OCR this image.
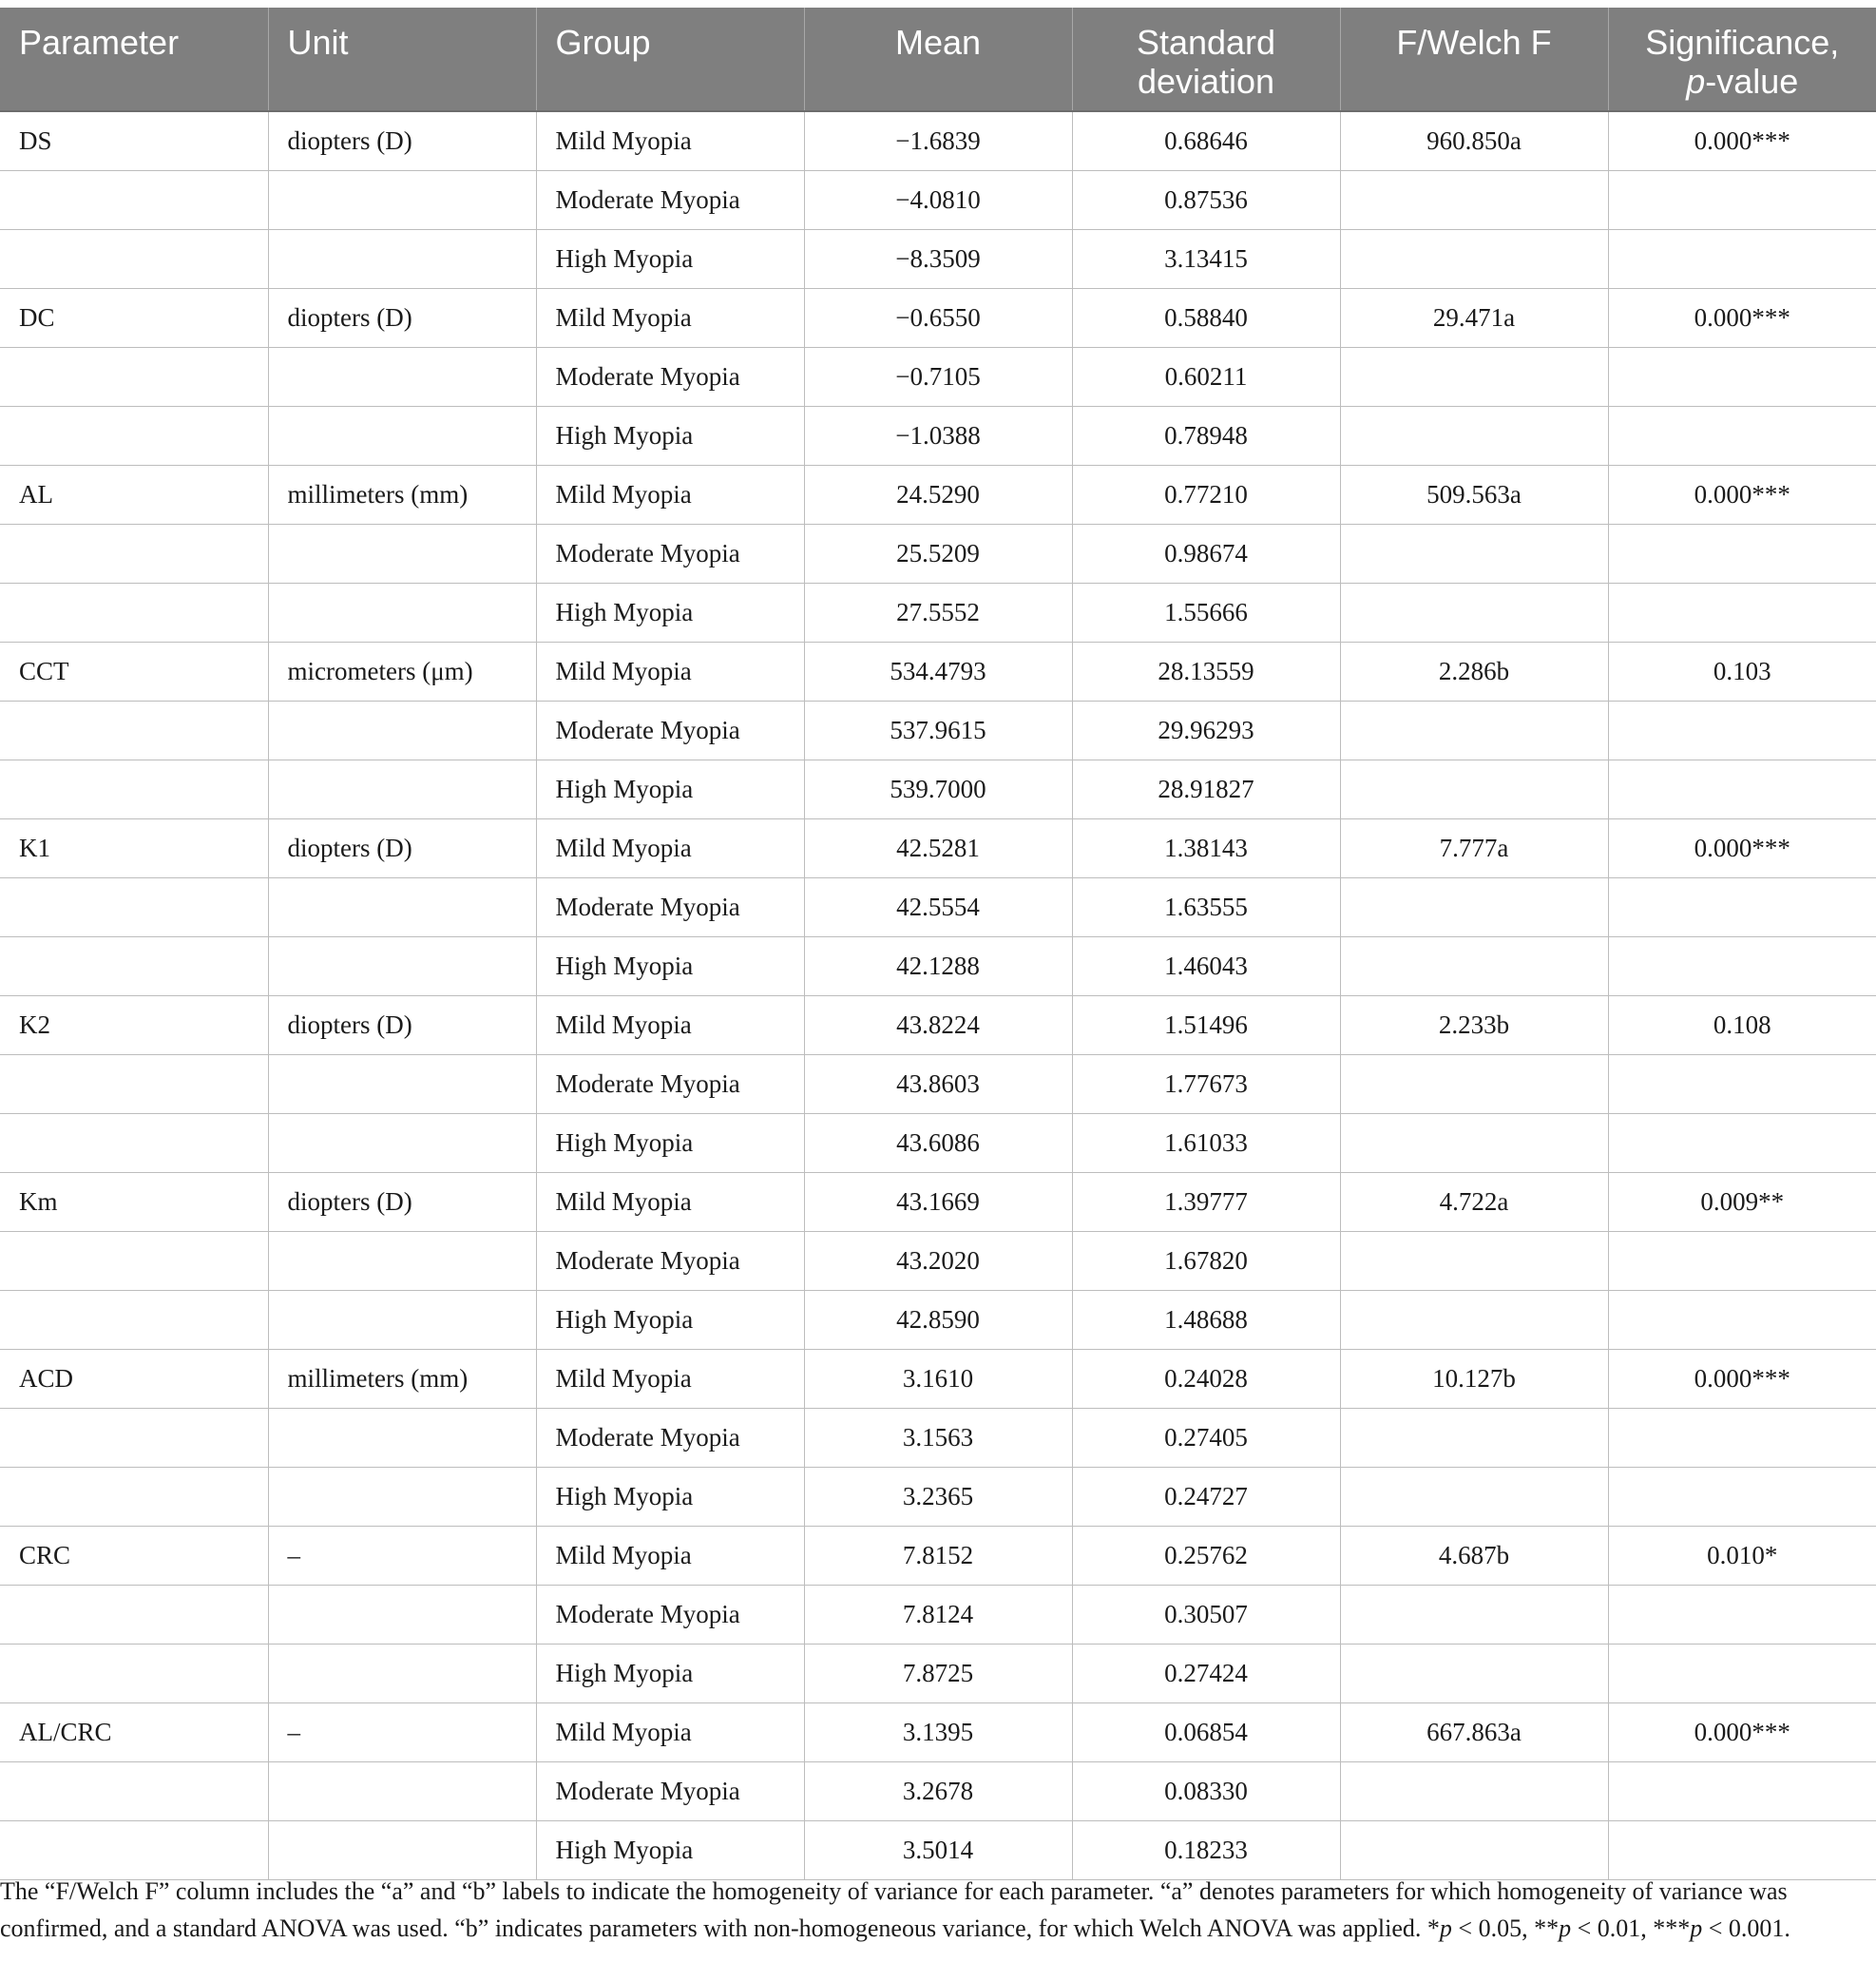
Parameter	Unit	Group	Mean	Standard deviation	F/Welch F	Significance,
p-value
DS	diopters (D)	Mild Myopia	−1.6839	0.68646	960.850a	0.000***
		Moderate Myopia	−4.0810	0.87536		
		High Myopia	−8.3509	3.13415		
DC	diopters (D)	Mild Myopia	−0.6550	0.58840	29.471a	0.000***
		Moderate Myopia	−0.7105	0.60211		
		High Myopia	−1.0388	0.78948		
AL	millimeters (mm)	Mild Myopia	24.5290	0.77210	509.563a	0.000***
		Moderate Myopia	25.5209	0.98674		
		High Myopia	27.5552	1.55666		
CCT	micrometers (μm)	Mild Myopia	534.4793	28.13559	2.286b	0.103
		Moderate Myopia	537.9615	29.96293		
		High Myopia	539.7000	28.91827		
K1	diopters (D)	Mild Myopia	42.5281	1.38143	7.777a	0.000***
		Moderate Myopia	42.5554	1.63555		
		High Myopia	42.1288	1.46043		
K2	diopters (D)	Mild Myopia	43.8224	1.51496	2.233b	0.108
		Moderate Myopia	43.8603	1.77673		
		High Myopia	43.6086	1.61033		
Km	diopters (D)	Mild Myopia	43.1669	1.39777	4.722a	0.009**
		Moderate Myopia	43.2020	1.67820		
		High Myopia	42.8590	1.48688		
ACD	millimeters (mm)	Mild Myopia	3.1610	0.24028	10.127b	0.000***
		Moderate Myopia	3.1563	0.27405		
		High Myopia	3.2365	0.24727		
CRC	–	Mild Myopia	7.8152	0.25762	4.687b	0.010*
		Moderate Myopia	7.8124	0.30507		
		High Myopia	7.8725	0.27424		
AL/CRC	–	Mild Myopia	3.1395	0.06854	667.863a	0.000***
		Moderate Myopia	3.2678	0.08330		
		High Myopia	3.5014	0.18233		
The “F/Welch F” column includes the “a” and “b” labels to indicate the homogeneity of variance for each parameter. “a” denotes parameters for which homogeneity of variance was
confirmed, and a standard ANOVA was used. “b” indicates parameters with non-homogeneous variance, for which Welch ANOVA was applied. *p < 0.05, **p < 0.01, ***p < 0.001.
